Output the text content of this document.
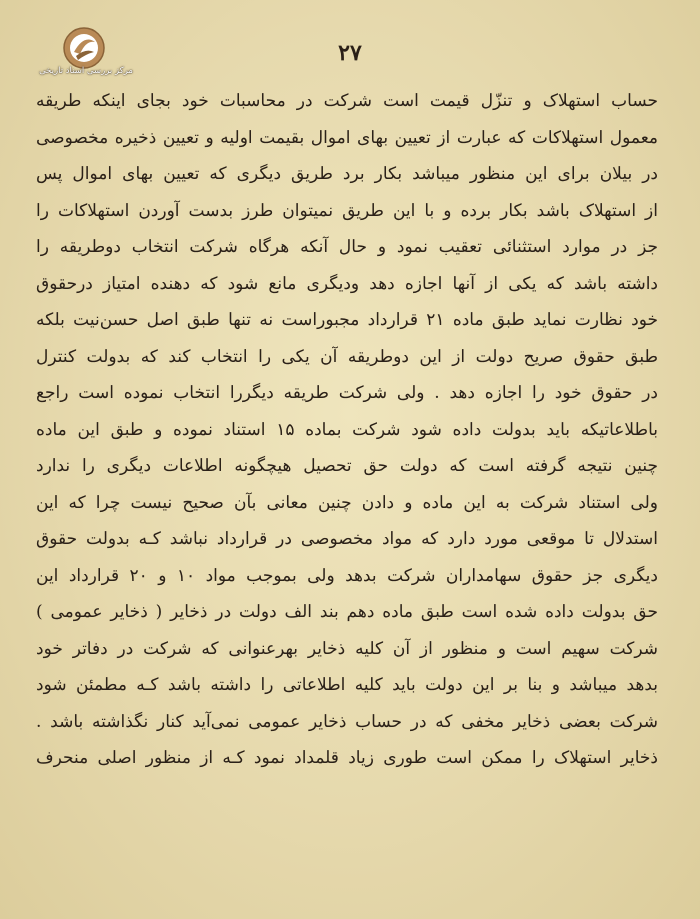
مرکز بررسی اسناد تاریخی
۲۷
حساب استهلاک و تنزّل قیمت است شرکت در محاسبات خود بجای اینکه طریقه
معمول استهلاکات که عبارت از تعیین بهای اموال بقیمت اولیه و تعیین ذخیره مخصوصی
در بیلان برای این منظور میباشد بکار برد طریق دیگری که تعیین بهای اموال پس
از استهلاک باشد بکار برده و با این طریق نمیتوان طرز بدست آوردن استهلاکات را
جز در موارد استثنائی تعقیب نمود و حال آنکه هرگاه شرکت انتخاب دوطریقه را
داشته باشد که یکی از آنها اجازه دهد ودیگری مانع شود که دهنده امتیاز درحقوق
خود نظارت نماید طبق ماده ۲۱ قرارداد مجبوراست نه تنها طبق اصل حسن‌نیت بلکه
طبق حقوق صریح دولت از این دوطریقه آن یکی را انتخاب کند که بدولت کنترل
در حقوق خود را اجازه دهد . ولی شرکت طریقه دیگررا انتخاب نموده است راجع
باطلاعاتیکه باید بدولت داده شود شرکت بماده ۱۵ استناد نموده و طبق این ماده
چنین نتیجه گرفته است که دولت حق تحصیل هیچگونه اطلاعات دیگری را ندارد
ولی استناد شرکت به این ماده و دادن چنین معانی بآن صحیح نیست چرا که این
استدلال تا موقعی مورد دارد که مواد مخصوصی در قرارداد نباشد کـه بدولت حقوق
دیگری جز حقوق سهامداران شرکت بدهد ولی بموجب مواد ۱۰ و ۲۰ قرارداد این
حق بدولت داده شده است طبق ماده دهم بند الف دولت در ذخایر ( ذخایر عمومی )
شرکت سهیم است و منظور از آن کلیه ذخایر بهرعنوانی که شرکت در دفاتر خود
بدهد میباشد و بنا بر این دولت باید کلیه اطلاعاتی را داشته باشد کـه مطمئن شود
شرکت بعضی ذخایر مخفی که در حساب ذخایر عمومی نمی‌آید کنار نگذاشته باشد .
ذخایر استهلاک را ممکن است طوری زیاد قلمداد نمود کـه از منظور اصلی منحرف
